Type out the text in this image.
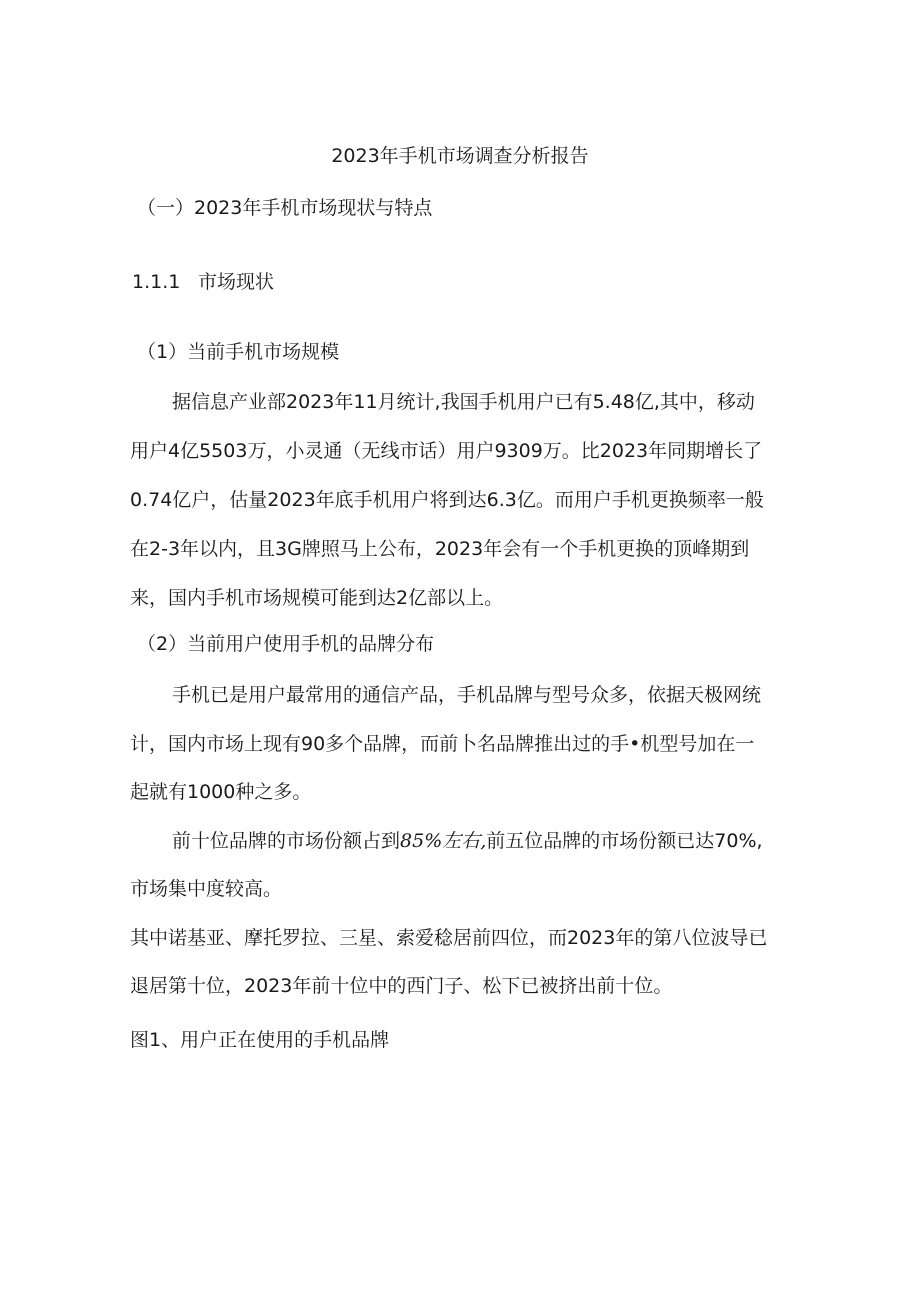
2023年手机市场调查分析报告
（一）2023年手机市场现状与特点
1.1.1 市场现状
（1）当前手机市场规模
据信息产业部2023年11月统计,我国手机用户已有5.48亿,其中，移动
用户4亿5503万，小灵通（无线市话）用户9309万。比2023年同期增长了
0.74亿户，估量2023年底手机用户将到达6.3亿。而用户手机更换频率一般
在2-3年以内，且3G牌照马上公布，2023年会有一个手机更换的顶峰期到
来，国内手机市场规模可能到达2亿部以上。
（2）当前用户使用手机的品牌分布
手机已是用户最常用的通信产品，手机品牌与型号众多，依据天极网统
计，国内市场上现有90多个品牌，而前卜名品牌推出过的手•机型号加在一
起就有1000种之多。
前十位品牌的市场份额占到85%左右,前五位品牌的市场份额已达70%,
市场集中度较高。
其中诺基亚、摩托罗拉、三星、索爱稔居前四位，而2023年的第八位波导已
退居第十位，2023年前十位中的西门子、松下已被挤出前十位。
图1、用户正在使用的手机品牌
